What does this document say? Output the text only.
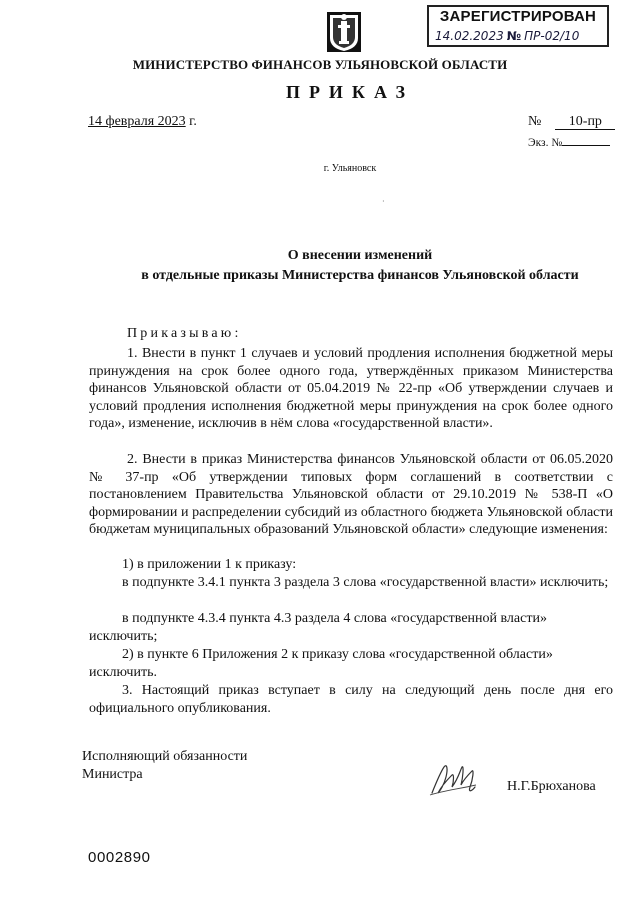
ЗАРЕГИСТРИРОВАН
14.02.2023 № ПР-02/10
МИНИСТЕРСТВО ФИНАНСОВ УЛЬЯНОВСКОЙ ОБЛАСТИ
ПРИКАЗ
14 февраля 2023 г.	№ 10-пр
Экз. №
г. Ульяновск
·
О внесении изменений
в отдельные приказы Министерства финансов Ульяновской области
Приказываю:

1. Внести в пункт 1 случаев и условий продления исполнения бюджетной меры принуждения на срок более одного года, утверждённых приказом Министерства финансов Ульяновской области от 05.04.2019 № 22-пр «Об утверждении случаев и условий продления исполнения бюджетной меры принуждения на срок более одного года», изменение, исключив в нём слова «государственной власти».

2. Внести в приказ Министерства финансов Ульяновской области от 06.05.2020 № 37-пр «Об утверждении типовых форм соглашений в соответствии с постановлением Правительства Ульяновской области от 29.10.2019 № 538-П «О формировании и распределении субсидий из областного бюджета Ульяновской области бюджетам муниципальных образований Ульяновской области» следующие изменения:

1) в приложении 1 к приказу:

в подпункте 3.4.1 пункта 3 раздела 3 слова «государственной власти» исключить;

в подпункте 4.3.4 пункта 4.3 раздела 4 слова «государственной власти» исключить;

2) в пункте 6 Приложения 2 к приказу слова «государственной области» исключить.

3. Настоящий приказ вступает в силу на следующий день после дня его официального опубликования.

Исполняющий обязанности
Министра
Н.Г.Брюханова
0002890
